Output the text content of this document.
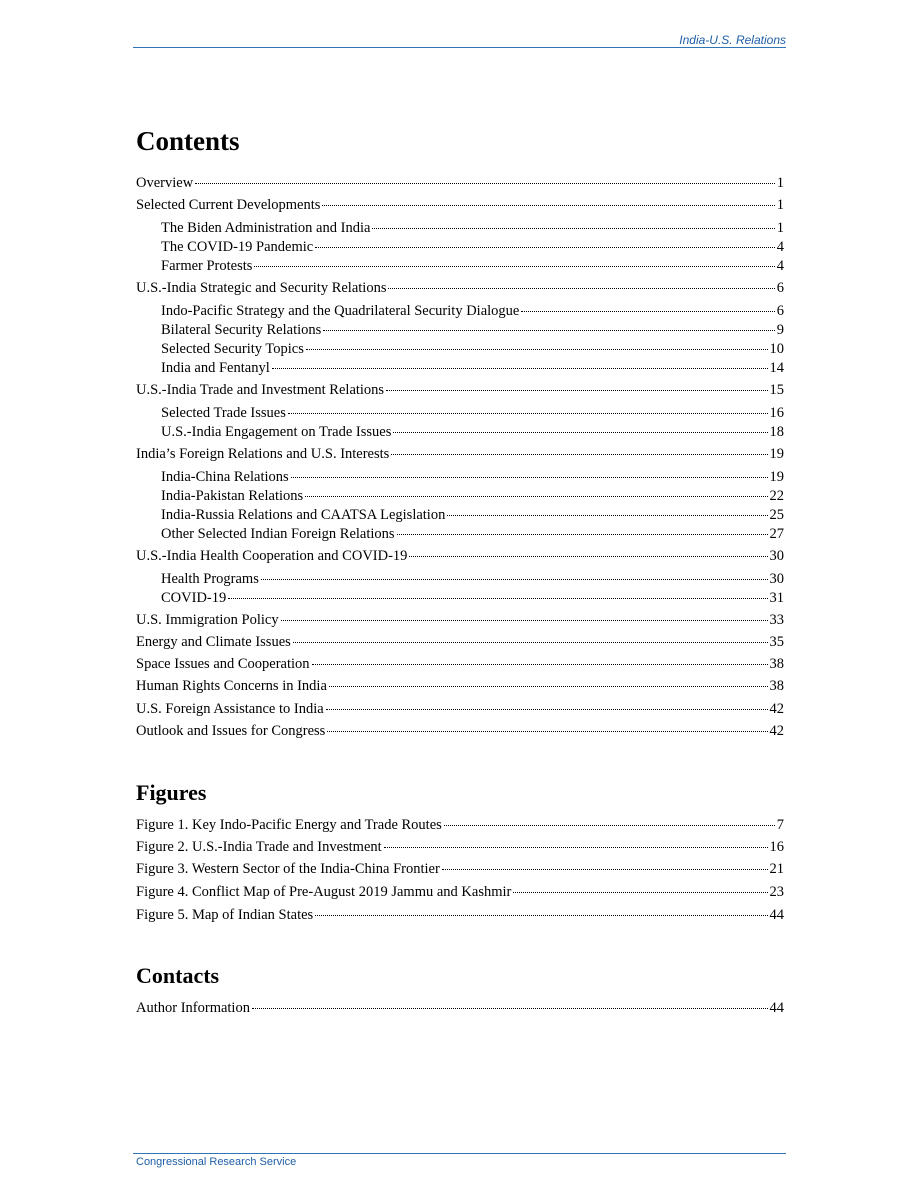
India-U.S. Relations
Contents
Overview	1
Selected Current Developments	1
The Biden Administration and India	1
The COVID-19 Pandemic	4
Farmer Protests	4
U.S.-India Strategic and Security Relations	6
Indo-Pacific Strategy and the Quadrilateral Security Dialogue	6
Bilateral Security Relations	9
Selected Security Topics	10
India and Fentanyl	14
U.S.-India Trade and Investment Relations	15
Selected Trade Issues	16
U.S.-India Engagement on Trade Issues	18
India’s Foreign Relations and U.S. Interests	19
India-China Relations	19
India-Pakistan Relations	22
India-Russia Relations and CAATSA Legislation	25
Other Selected Indian Foreign Relations	27
U.S.-India Health Cooperation and COVID-19	30
Health Programs	30
COVID-19	31
U.S. Immigration Policy	33
Energy and Climate Issues	35
Space Issues and Cooperation	38
Human Rights Concerns in India	38
U.S. Foreign Assistance to India	42
Outlook and Issues for Congress	42
Figures
Figure 1. Key Indo-Pacific Energy and Trade Routes	7
Figure 2. U.S.-India Trade and Investment	16
Figure 3. Western Sector of the India-China Frontier	21
Figure 4. Conflict Map of Pre-August 2019 Jammu and Kashmir	23
Figure 5. Map of Indian States	44
Contacts
Author Information	44
Congressional Research Service
